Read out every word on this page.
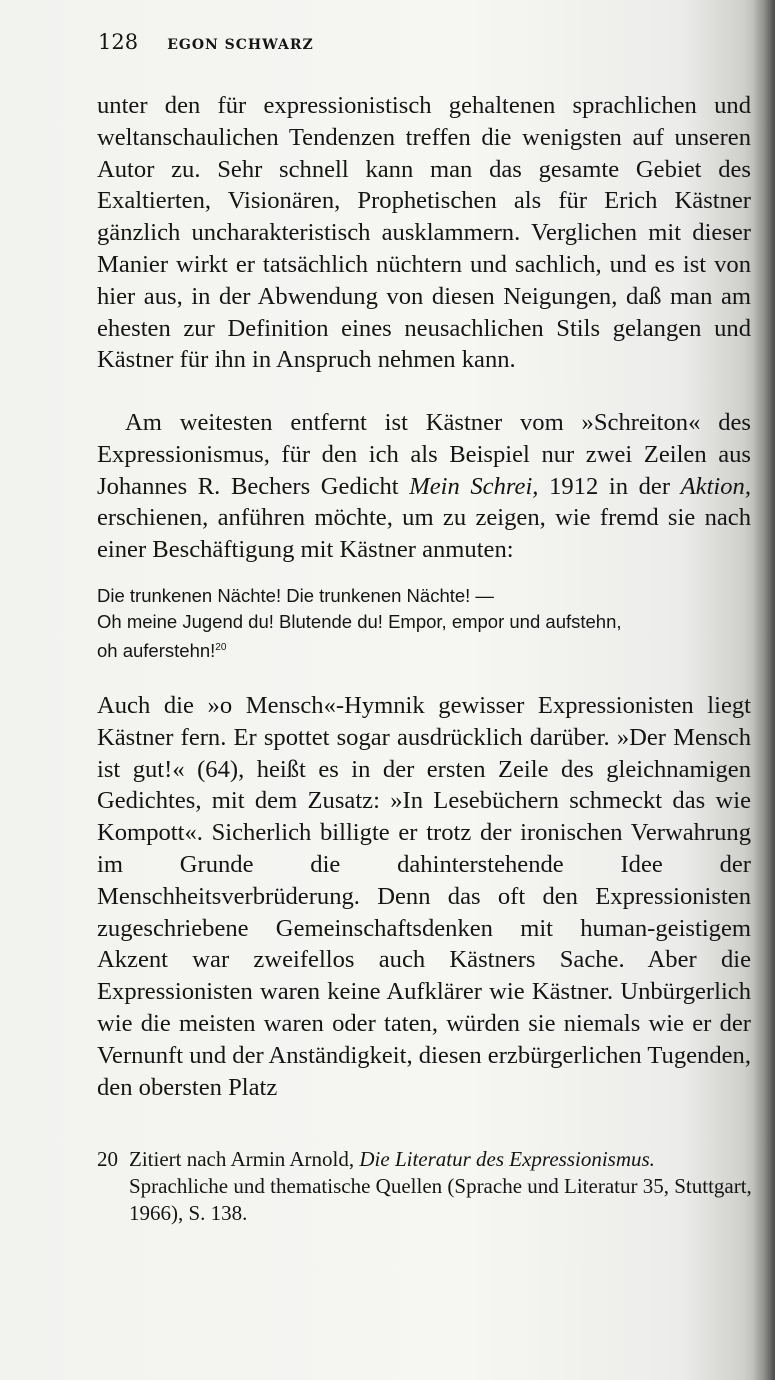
128 EGON SCHWARZ

unter den für expressionistisch gehaltenen sprachlichen und weltanschaulichen Tendenzen treffen die wenigsten auf unseren Autor zu. Sehr schnell kann man das gesamte Gebiet des Exaltierten, Visionären, Prophetischen als für Erich Kästner gänzlich uncharakteristisch ausklammern. Verglichen mit dieser Manier wirkt er tatsächlich nüchtern und sachlich, und es ist von hier aus, in der Abwendung von diesen Neigungen, daß man am ehesten zur Definition eines neusachlichen Stils gelangen und Kästner für ihn in Anspruch nehmen kann.

Am weitesten entfernt ist Kästner vom »Schreiton« des Expressionismus, für den ich als Beispiel nur zwei Zeilen aus Johannes R. Bechers Gedicht Mein Schrei, 1912 in der Aktion, erschienen, anführen möchte, um zu zeigen, wie fremd sie nach einer Beschäftigung mit Kästner anmuten:

Die trunkenen Nächte! Die trunkenen Nächte! —
Oh meine Jugend du! Blutende du! Empor, empor und aufstehn,
oh auferstehn!$^{20}$

Auch die »o Mensch«-Hymnik gewisser Expressionisten liegt Kästner fern. Er spottet sogar ausdrücklich darüber. »Der Mensch ist gut!« (64), heißt es in der ersten Zeile des gleichnamigen Gedichtes, mit dem Zusatz: »In Lesebüchern schmeckt das wie Kompott«. Sicherlich billigte er trotz der ironischen Verwahrung im Grunde die dahinterstehende Idee der Menschheitsverbrüderung. Denn das oft den Expressionisten zugeschriebene Gemeinschaftsdenken mit human-geistigem Akzent war zweifellos auch Kästners Sache. Aber die Expressionisten waren keine Aufklärer wie Kästner. Unbürgerlich wie die meisten waren oder taten, würden sie niemals wie er der Vernunft und der Anständigkeit, diesen erzbürgerlichen Tugenden, den obersten Platz

20 Zitiert nach Armin Arnold, Die Literatur des Expressionismus.
Sprachliche und thematische Quellen (Sprache und Literatur 35, Stuttgart, 1966), S. 138.
